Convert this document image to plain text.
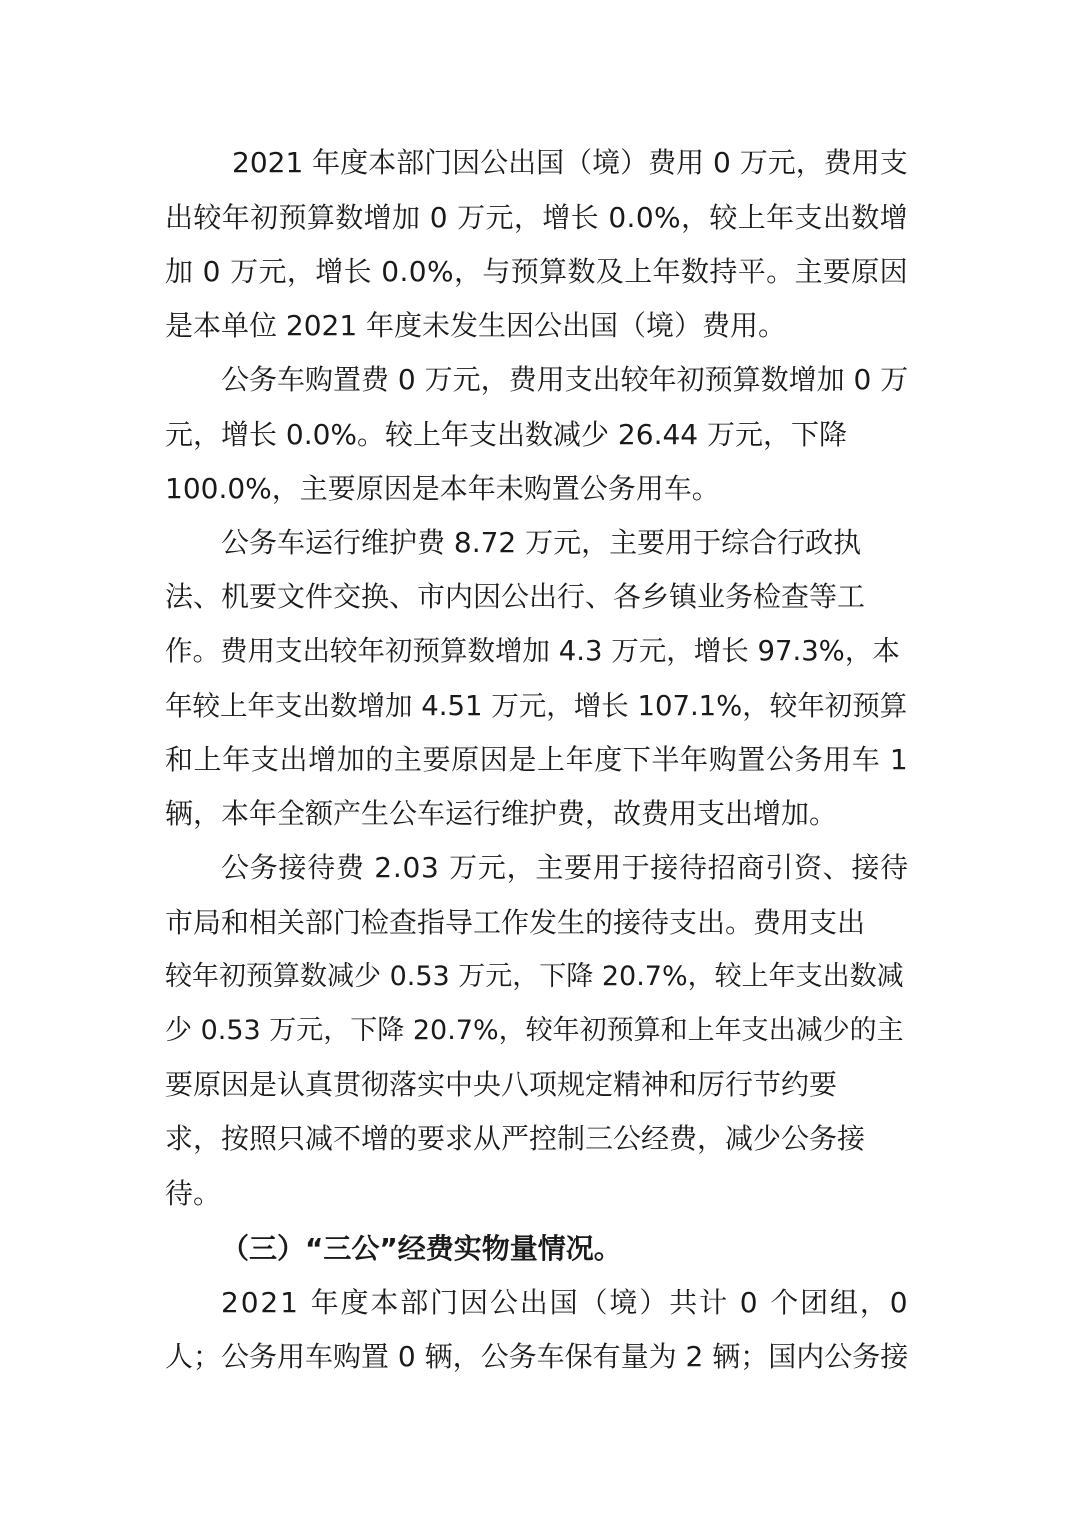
2021 年度本部门因公出国（境）费用 0 万元，费用支
出较年初预算数增加 0 万元，增长 0.0%，较上年支出数增
加 0 万元，增长 0.0%，与预算数及上年数持平。主要原因
是本单位 2021 年度未发生因公出国（境）费用。
公务车购置费 0 万元，费用支出较年初预算数增加 0 万
元，增长 0.0%。较上年支出数减少 26.44 万元，下降
100.0%，主要原因是本年未购置公务用车。
公务车运行维护费 8.72 万元，主要用于综合行政执
法、机要文件交换、市内因公出行、各乡镇业务检查等工
作。费用支出较年初预算数增加 4.3 万元，增长 97.3%，本
年较上年支出数增加 4.51 万元，增长 107.1%，较年初预算
和上年支出增加的主要原因是上年度下半年购置公务用车 1
辆，本年全额产生公车运行维护费，故费用支出增加。
公务接待费 2.03 万元，主要用于接待招商引资、接待
市局和相关部门检查指导工作发生的接待支出。费用支出
较年初预算数减少 0.53 万元，下降 20.7%，较上年支出数减
少 0.53 万元，下降 20.7%，较年初预算和上年支出减少的主
要原因是认真贯彻落实中央八项规定精神和厉行节约要
求，按照只减不增的要求从严控制三公经费，减少公务接
待。
（三）“三公”经费实物量情况。
2021 年度本部门因公出国（境）共计 0 个团组，0
人；公务用车购置 0 辆，公务车保有量为 2 辆；国内公务接
